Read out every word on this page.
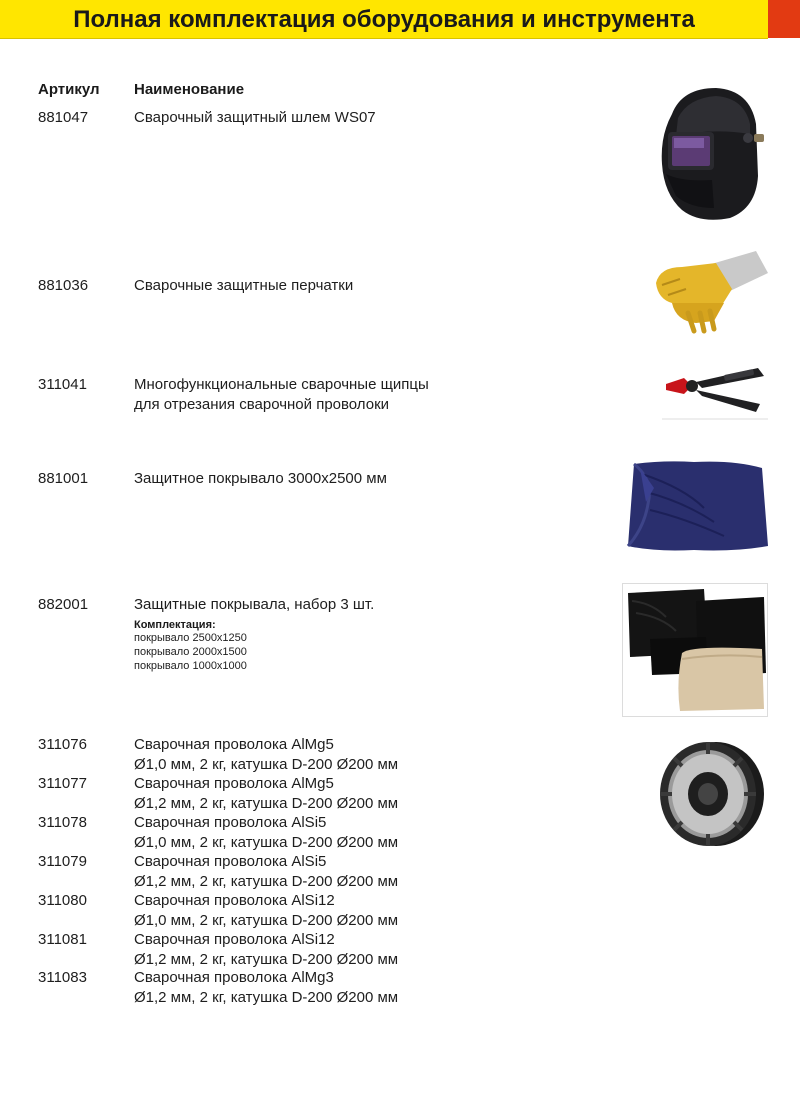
Полная комплектация оборудования и инструмента
Артикул Наименование
881047	Сварочный защитный шлем WS07
881036	Сварочные защитные перчатки
311041	Многофункциональные сварочные щипцы
для отрезания сварочной проволоки
881001	Защитное покрывало 3000x2500 мм
882001	Защитные покрывала, набор 3 шт.
Комплектация:
покрывало 2500x1250
покрывало 2000x1500
покрывало 1000x1000
311076	Сварочная проволока AlMg5
Ø1,0 мм, 2 кг, катушка D-200 Ø200 мм
311077	Сварочная проволока AlMg5
Ø1,2 мм, 2 кг, катушка D-200 Ø200 мм
311078	Сварочная проволока AlSi5
Ø1,0 мм, 2 кг, катушка D-200 Ø200 мм
311079	Сварочная проволока AlSi5
Ø1,2 мм, 2 кг, катушка D-200 Ø200 мм
311080	Сварочная проволока AlSi12
Ø1,0 мм, 2 кг, катушка D-200 Ø200 мм
311081	Сварочная проволока AlSi12
Ø1,2 мм, 2 кг, катушка D-200 Ø200 мм
311083	Сварочная проволока AlMg3
Ø1,2 мм, 2 кг, катушка D-200 Ø200 мм
